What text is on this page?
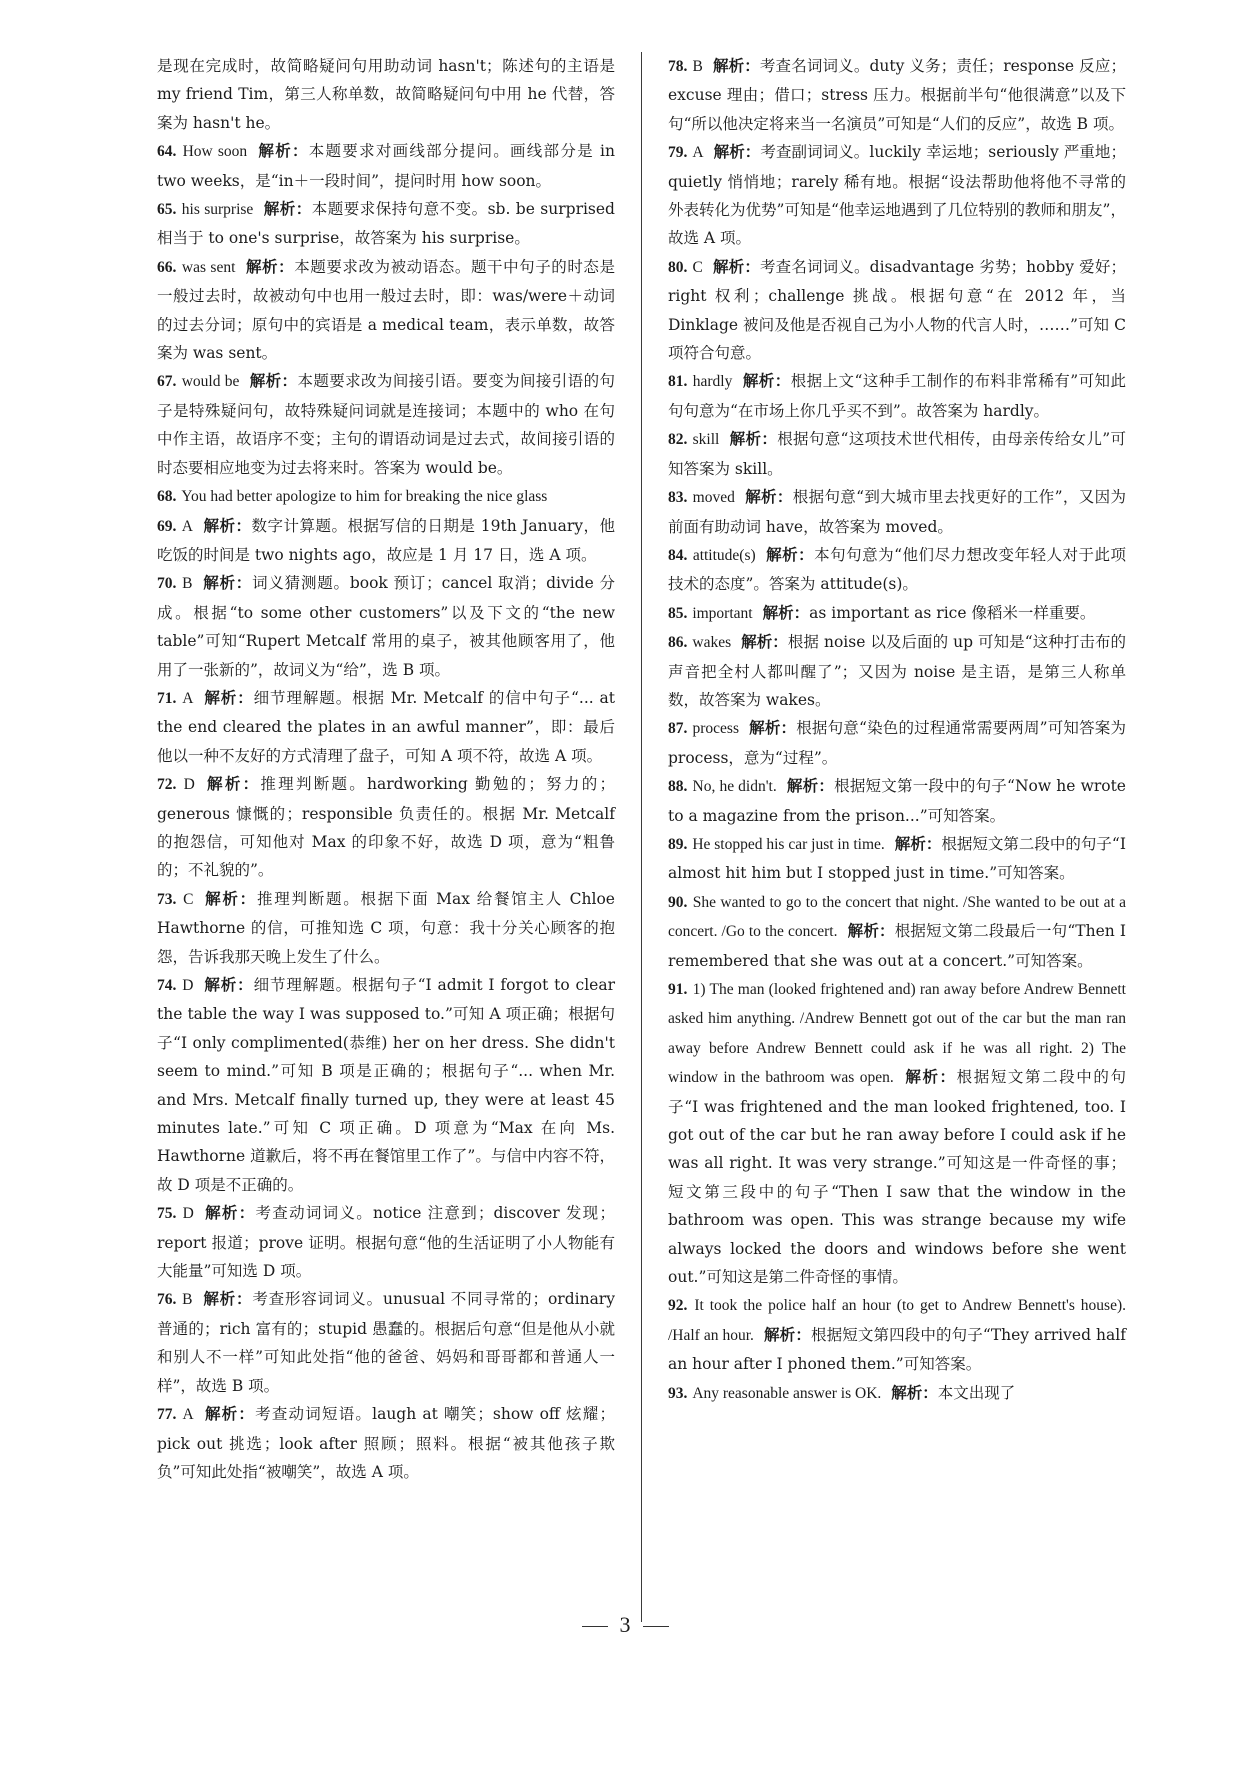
是现在完成时，故简略疑问句用助动词 hasn't；陈述句的主语是 my friend Tim，第三人称单数，故简略疑问句中用 he 代替，答案为 hasn't he。

64. How soon 解析：本题要求对画线部分提问。画线部分是 in two weeks，是“in＋一段时间”，提问时用 how soon。

65. his surprise 解析：本题要求保持句意不变。sb. be surprised 相当于 to one's surprise，故答案为 his surprise。

66. was sent 解析：本题要求改为被动语态。题干中句子的时态是一般过去时，故被动句中也用一般过去时，即：was/were＋动词的过去分词；原句中的宾语是 a medical team，表示单数，故答案为 was sent。

67. would be 解析：本题要求改为间接引语。要变为间接引语的句子是特殊疑问句，故特殊疑问词就是连接词；本题中的 who 在句中作主语，故语序不变；主句的谓语动词是过去式，故间接引语的时态要相应地变为过去将来时。答案为 would be。

68. You had better apologize to him for breaking the nice glass

69. A 解析：数字计算题。根据写信的日期是 19th January，他吃饭的时间是 two nights ago，故应是 1 月 17 日，选 A 项。

70. B 解析：词义猜测题。book 预订；cancel 取消；divide 分成。根据“to some other customers”以及下文的“the new table”可知“Rupert Metcalf 常用的桌子，被其他顾客用了，他用了一张新的”，故词义为“给”，选 B 项。

71. A 解析：细节理解题。根据 Mr. Metcalf 的信中句子“... at the end cleared the plates in an awful manner”，即：最后他以一种不友好的方式清理了盘子，可知 A 项不符，故选 A 项。

72. D 解析：推理判断题。hardworking 勤勉的；努力的；generous 慷慨的；responsible 负责任的。根据 Mr. Metcalf 的抱怨信，可知他对 Max 的印象不好，故选 D 项，意为“粗鲁的；不礼貌的”。

73. C 解析：推理判断题。根据下面 Max 给餐馆主人 Chloe Hawthorne 的信，可推知选 C 项，句意：我十分关心顾客的抱怨，告诉我那天晚上发生了什么。

74. D 解析：细节理解题。根据句子“I admit I forgot to clear the table the way I was supposed to.”可知 A 项正确；根据句子“I only complimented(恭维) her on her dress. She didn't seem to mind.”可知 B 项是正确的；根据句子“... when Mr. and Mrs. Metcalf finally turned up, they were at least 45 minutes late.”可知 C 项正确。D 项意为“Max 在向 Ms. Hawthorne 道歉后，将不再在餐馆里工作了”。与信中内容不符，故 D 项是不正确的。

75. D 解析：考查动词词义。notice 注意到；discover 发现；report 报道；prove 证明。根据句意“他的生活证明了小人物能有大能量”可知选 D 项。

76. B 解析：考查形容词词义。unusual 不同寻常的；ordinary 普通的；rich 富有的；stupid 愚蠢的。根据后句意“但是他从小就和别人不一样”可知此处指“他的爸爸、妈妈和哥哥都和普通人一样”，故选 B 项。

77. A 解析：考查动词短语。laugh at 嘲笑；show off 炫耀；pick out 挑选；look after 照顾；照料。根据“被其他孩子欺负”可知此处指“被嘲笑”，故选 A 项。

78. B 解析：考查名词词义。duty 义务；责任；response 反应；excuse 理由；借口；stress 压力。根据前半句“他很满意”以及下句“所以他决定将来当一名演员”可知是“人们的反应”，故选 B 项。

79. A 解析：考查副词词义。luckily 幸运地；seriously 严重地；quietly 悄悄地；rarely 稀有地。根据“设法帮助他将他不寻常的外表转化为优势”可知是“他幸运地遇到了几位特别的教师和朋友”，故选 A 项。

80. C 解析：考查名词词义。disadvantage 劣势；hobby 爱好；right 权利；challenge 挑战。根据句意“在 2012 年，当 Dinklage 被问及他是否视自己为小人物的代言人时，……”可知 C 项符合句意。

81. hardly 解析：根据上文“这种手工制作的布料非常稀有”可知此句句意为“在市场上你几乎买不到”。故答案为 hardly。

82. skill 解析：根据句意“这项技术世代相传，由母亲传给女儿”可知答案为 skill。

83. moved 解析：根据句意“到大城市里去找更好的工作”，又因为前面有助动词 have，故答案为 moved。

84. attitude(s) 解析：本句句意为“他们尽力想改变年轻人对于此项技术的态度”。答案为 attitude(s)。

85. important 解析：as important as rice 像稻米一样重要。

86. wakes 解析：根据 noise 以及后面的 up 可知是“这种打击布的声音把全村人都叫醒了”；又因为 noise 是主语，是第三人称单数，故答案为 wakes。

87. process 解析：根据句意“染色的过程通常需要两周”可知答案为 process，意为“过程”。

88. No, he didn't. 解析：根据短文第一段中的句子“Now he wrote to a magazine from the prison...”可知答案。

89. He stopped his car just in time. 解析：根据短文第二段中的句子“I almost hit him but I stopped just in time.”可知答案。

90. She wanted to go to the concert that night. /She wanted to be out at a concert. /Go to the concert. 解析：根据短文第二段最后一句“Then I remembered that she was out at a concert.”可知答案。

91. 1) The man (looked frightened and) ran away before Andrew Bennett asked him anything. /Andrew Bennett got out of the car but the man ran away before Andrew Bennett could ask if he was all right. 2) The window in the bathroom was open. 解析：根据短文第二段中的句子“I was frightened and the man looked frightened, too. I got out of the car but he ran away before I could ask if he was all right. It was very strange.”可知这是一件奇怪的事；短文第三段中的句子“Then I saw that the window in the bathroom was open. This was strange because my wife always locked the doors and windows before she went out.”可知这是第二件奇怪的事情。

92. It took the police half an hour (to get to Andrew Bennett's house). /Half an hour. 解析：根据短文第四段中的句子“They arrived half an hour after I phoned them.”可知答案。

93. Any reasonable answer is OK. 解析：本文出现了

3
